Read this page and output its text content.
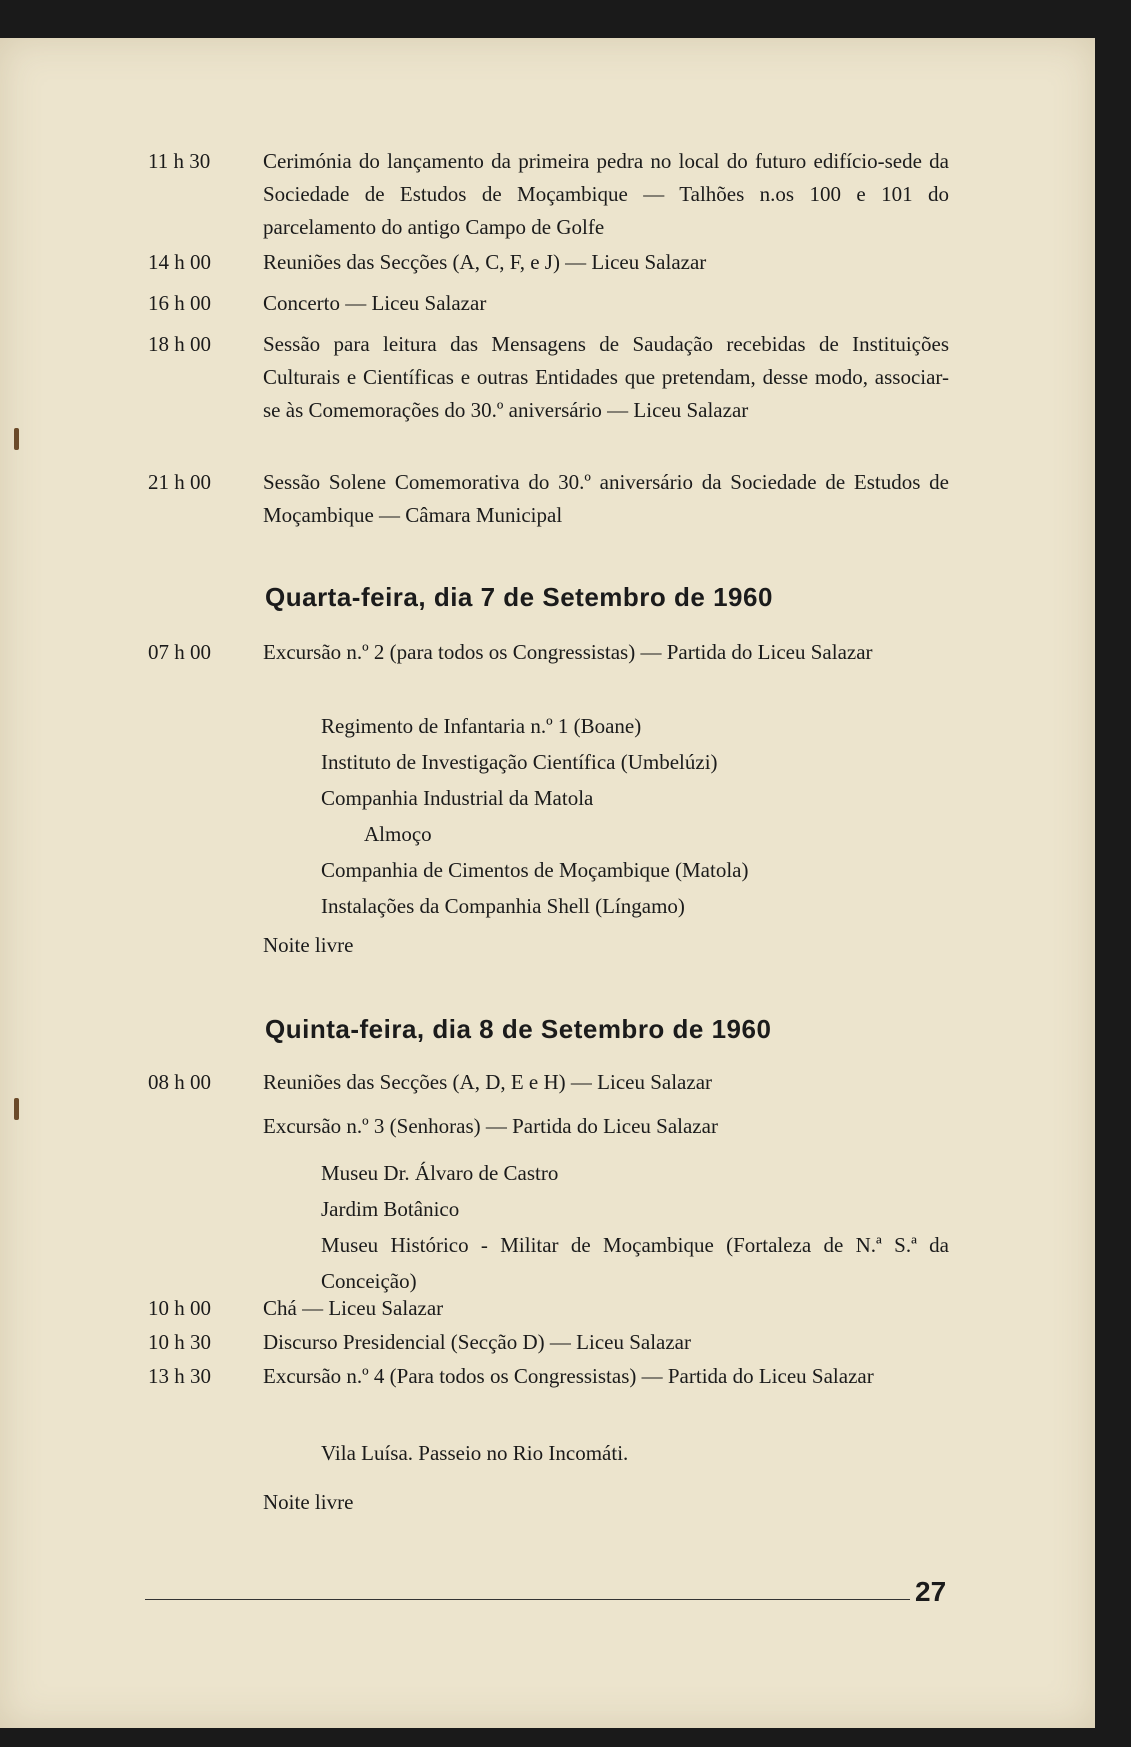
11 h 30	Cerimónia do lançamento da primeira pedra no local do futuro edifício-sede da Sociedade de Estudos de Moçambique — Talhões n.os 100 e 101 do parcelamento do antigo Campo de Golfe
14 h 00	Reuniões das Secções (A, C, F, e J) — Liceu Salazar
16 h 00	Concerto — Liceu Salazar
18 h 00	Sessão para leitura das Mensagens de Saudação recebidas de Instituições Culturais e Científicas e outras Entidades que pretendam, desse modo, associar-se às Comemorações do 30.º aniversário — Liceu Salazar
21 h 00	Sessão Solene Comemorativa do 30.º aniversário da Sociedade de Estudos de Moçambique — Câmara Municipal
Quarta-feira, dia 7 de Setembro de 1960
07 h 00	Excursão n.º 2 (para todos os Congressistas) — Partida do Liceu Salazar
Regimento de Infantaria n.º 1 (Boane)
Instituto de Investigação Científica (Umbelúzi)
Companhia Industrial da Matola
Almoço
Companhia de Cimentos de Moçambique (Matola)
Instalações da Companhia Shell (Língamo)
Noite livre
Quinta-feira, dia 8 de Setembro de 1960
08 h 00	Reuniões das Secções (A, D, E e H) — Liceu Salazar
Excursão n.º 3 (Senhoras) — Partida do Liceu Salazar
Museu Dr. Álvaro de Castro
Jardim Botânico
Museu Histórico - Militar de Moçambique (Fortaleza de N.ª S.ª da Conceição)
10 h 00	Chá — Liceu Salazar
10 h 30	Discurso Presidencial (Secção D) — Liceu Salazar
13 h 30	Excursão n.º 4 (Para todos os Congressistas) — Partida do Liceu Salazar
Vila Luísa. Passeio no Rio Incomáti.
Noite livre
27
